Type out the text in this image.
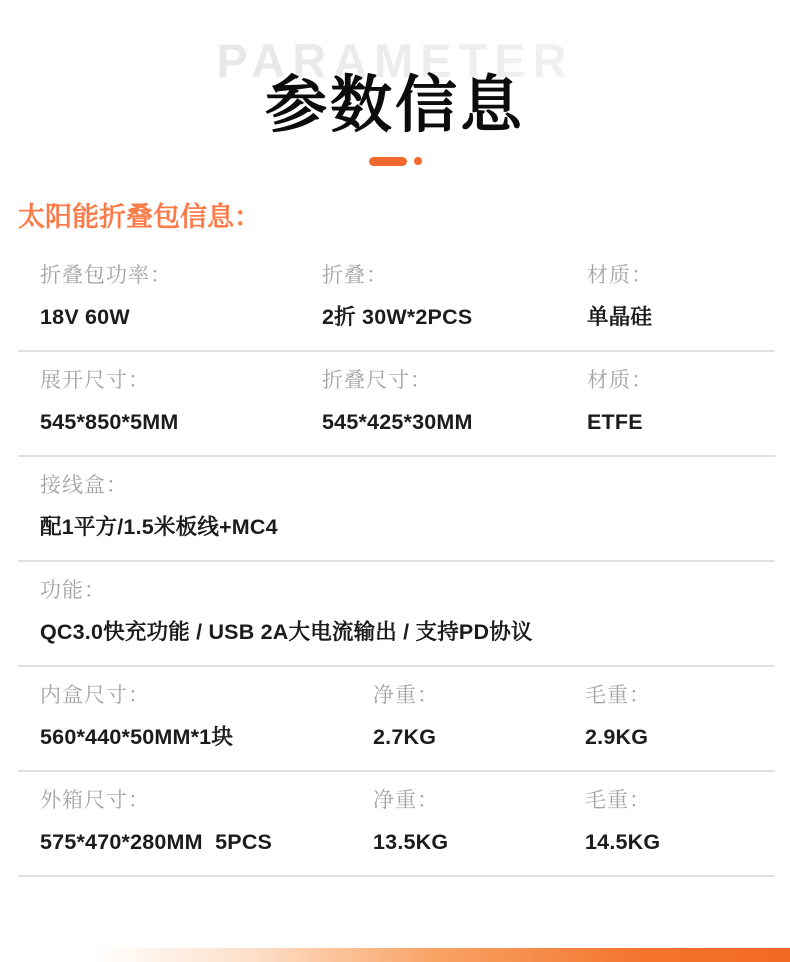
PARAMETER
参数信息
太阳能折叠包信息：
折叠包功率：
18V 60W
折叠：
2折 30W*2PCS
材质：
单晶硅
展开尺寸：
545*850*5MM
折叠尺寸：
545*425*30MM
材质：
ETFE
接线盒：
配1平方/1.5米板线+MC4
功能：
QC3.0快充功能 / USB 2A大电流输出 / 支持PD协议
内盒尺寸：
560*440*50MM*1块
净重：
2.7KG
毛重：
2.9KG
外箱尺寸：
575*470*280MM  5PCS
净重：
13.5KG
毛重：
14.5KG
